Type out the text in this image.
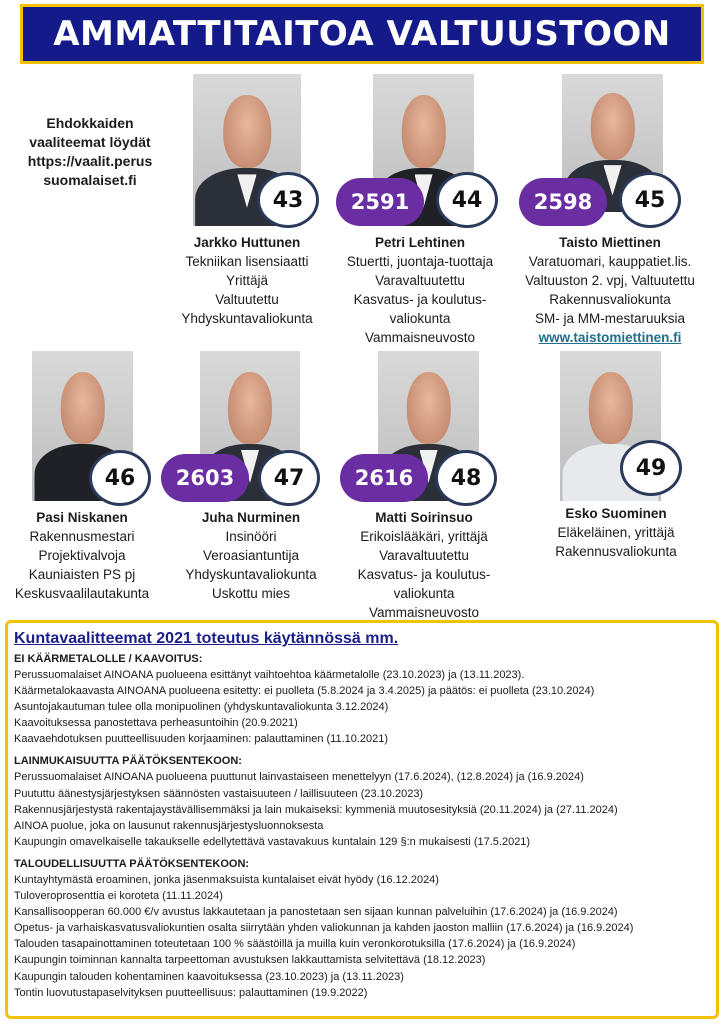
AMMATTITAITOA VALTUUSTOON
Ehdokkaiden
vaaliteemat löydät
https://vaalit.perus
suomalaiset.fi
43
Jarkko Huttunen
Tekniikan lisensiaatti
Yrittäjä
Valtuutettu
Yhdyskuntavaliokunta
2591	44
Petri Lehtinen
Stuertti, juontaja-tuottaja
Varavaltuutettu
Kasvatus- ja koulutus-
valiokunta
Vammaisneuvosto
2598	45
Taisto Miettinen
Varatuomari, kauppatiet.lis.
Valtuuston 2. vpj, Valtuutettu
Rakennusvaliokunta
SM- ja MM-mestaruuksia
www.taistomiettinen.fi
46
Pasi Niskanen
Rakennusmestari
Projektivalvoja
Kauniaisten PS pj
Keskusvaalilautakunta
2603	47
Juha Nurminen
Insinööri
Veroasiantuntija
Yhdyskuntavaliokunta
Uskottu mies
2616	48
Matti Soirinsuo
Erikoislääkäri, yrittäjä
Varavaltuutettu
Kasvatus- ja koulutus-
valiokunta
Vammaisneuvosto
49
Esko Suominen
Eläkeläinen, yrittäjä
Rakennusvaliokunta
Kuntavaalitteemat 2021 toteutus käytännössä mm.
EI KÄÄRMETALOLLE / KAAVOITUS:
Perussuomalaiset AINOANA puolueena esittänyt vaihtoehtoa käärmetalolle (23.10.2023) ja (13.11.2023).
Käärmetalokaavasta AINOANA puolueena esitetty: ei puolleta (5.8.2024 ja 3.4.2025) ja päätös: ei puolleta (23.10.2024)
Asuntojakautuman tulee olla monipuolinen (yhdyskuntavaliokunta 3.12.2024)
Kaavoituksessa panostettava perheasuntoihin (20.9.2021)
Kaavaehdotuksen puutteellisuuden korjaaminen: palauttaminen (11.10.2021)
LAINMUKAISUUTTA PÄÄTÖKSENTEKOON:
Perussuomalaiset AINOANA puolueena puuttunut lainvastaiseen menettelyyn (17.6.2024), (12.8.2024) ja (16.9.2024)
Puututtu äänestysjärjestyksen säännösten vastaisuuteen / laillisuuteen (23.10.2023)
Rakennusjärjestystä rakentajaystävällisemmäksi ja lain mukaiseksi: kymmeniä muutosesityksiä (20.11.2024) ja (27.11.2024)
AINOA puolue, joka on lausunut rakennusjärjestysluonnoksesta
Kaupungin omavelkaiselle takaukselle edellytettävä vastavakuus kuntalain 129 §:n mukaisesti (17.5.2021)
TALOUDELLISUUTTA PÄÄTÖKSENTEKOON:
Kuntayhtymästä eroaminen, jonka jäsenmaksuista kuntalaiset eivät hyödy (16.12.2024)
Tuloveroprosenttia ei koroteta (11.11.2024)
Kansallisoopperan 60.000 €/v avustus lakkautetaan ja panostetaan sen sijaan kunnan palveluihin (17.6.2024) ja (16.9.2024)
Opetus- ja varhaiskasvatusvaliokuntien osalta siirrytään yhden valiokunnan ja kahden jaoston malliin (17.6.2024) ja (16.9.2024)
Talouden tasapainottaminen toteutetaan 100 % säästöillä ja muilla kuin veronkorotuksilla (17.6.2024) ja (16.9.2024)
Kaupungin toiminnan kannalta tarpeettoman avustuksen lakkauttamista selvitettävä (18.12.2023)
Kaupungin talouden kohentaminen kaavoituksessa (23.10.2023) ja (13.11.2023)
Tontin luovutustapaselvityksen puutteellisuus: palauttaminen (19.9.2022)
